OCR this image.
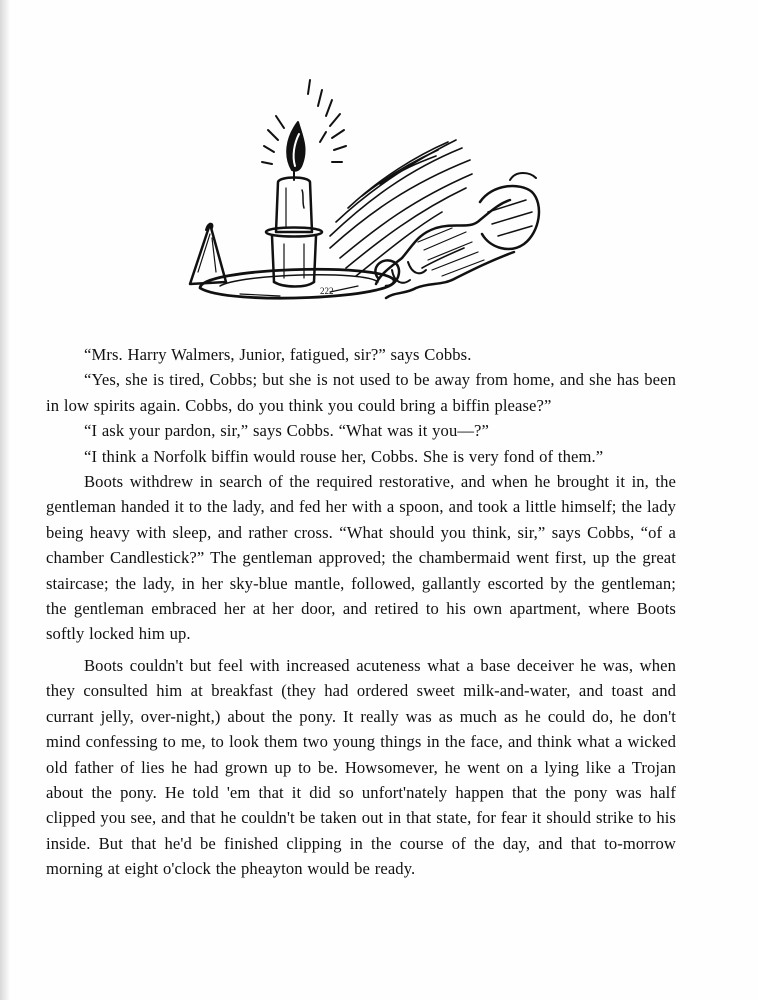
222

“Mrs. Harry Walmers, Junior, fatigued, sir?” says Cobbs.

“Yes, she is tired, Cobbs; but she is not used to be away from home, and she has been in low spirits again. Cobbs, do you think you could bring a biffin please?”

“I ask your pardon, sir,” says Cobbs. “What was it you—?”

“I think a Norfolk biffin would rouse her, Cobbs. She is very fond of them.”

Boots withdrew in search of the required restorative, and when he brought it in, the gentleman handed it to the lady, and fed her with a spoon, and took a little himself; the lady being heavy with sleep, and rather cross. “What should you think, sir,” says Cobbs, “of a chamber Candlestick?” The gentleman approved; the chambermaid went first, up the great staircase; the lady, in her sky-blue mantle, followed, gallantly escorted by the gentleman; the gentleman embraced her at her door, and retired to his own apartment, where Boots softly locked him up.

Boots couldn't but feel with increased acuteness what a base deceiver he was, when they consulted him at breakfast (they had ordered sweet milk-and-water, and toast and currant jelly, over-night,) about the pony. It really was as much as he could do, he don't mind confessing to me, to look them two young things in the face, and think what a wicked old father of lies he had grown up to be. Howsomever, he went on a lying like a Trojan about the pony. He told 'em that it did so unfort'nately happen that the pony was half clipped you see, and that he couldn't be taken out in that state, for fear it should strike to his inside. But that he'd be finished clipping in the course of the day, and that to-morrow morning at eight o'clock the pheayton would be ready.
